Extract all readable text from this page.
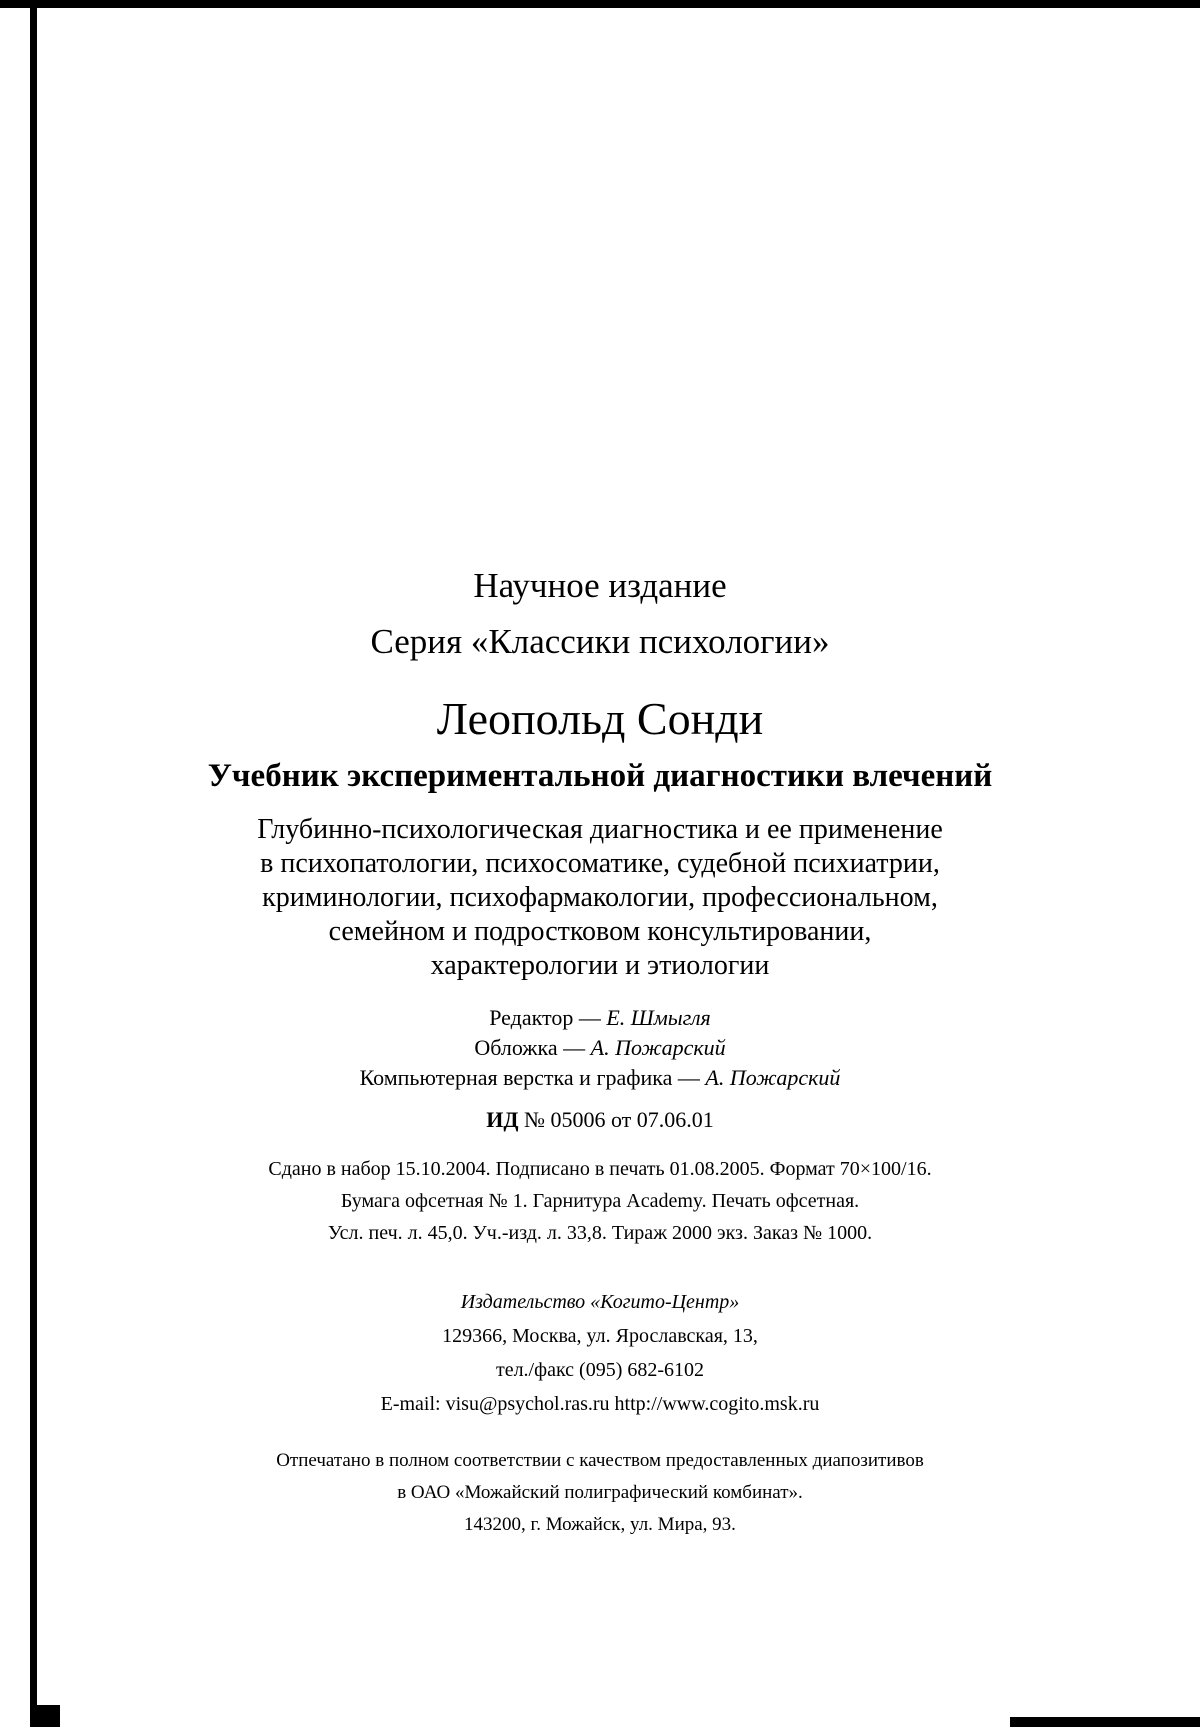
Научное издание

Серия «Классики психологии»

Леопольд Сонди

Учебник экспериментальной диагностики влечений

Глубинно-психологическая диагностика и ее применение

в психопатологии, психосоматике, судебной психиатрии,

криминологии, психофармакологии, профессиональном,

семейном и подростковом консультировании,

характерологии и этиологии

Редактор — Е. Шмыгля

Обложка — А. Пожарский

Компьютерная верстка и графика — А. Пожарский

ИД № 05006 от 07.06.01

Сдано в набор 15.10.2004. Подписано в печать 01.08.2005. Формат 70×100/16.

Бумага офсетная № 1. Гарнитура Academy. Печать офсетная.

Усл. печ. л. 45,0. Уч.-изд. л. 33,8. Тираж 2000 экз. Заказ № 1000.

Издательство «Когито-Центр»

129366, Москва, ул. Ярославская, 13,

тел./факс (095) 682-6102

E-mail: visu@psychol.ras.ru http://www.cogito.msk.ru

Отпечатано в полном соответствии с качеством предоставленных диапозитивов

в ОАО «Можайский полиграфический комбинат».

143200, г. Можайск, ул. Мира, 93.
